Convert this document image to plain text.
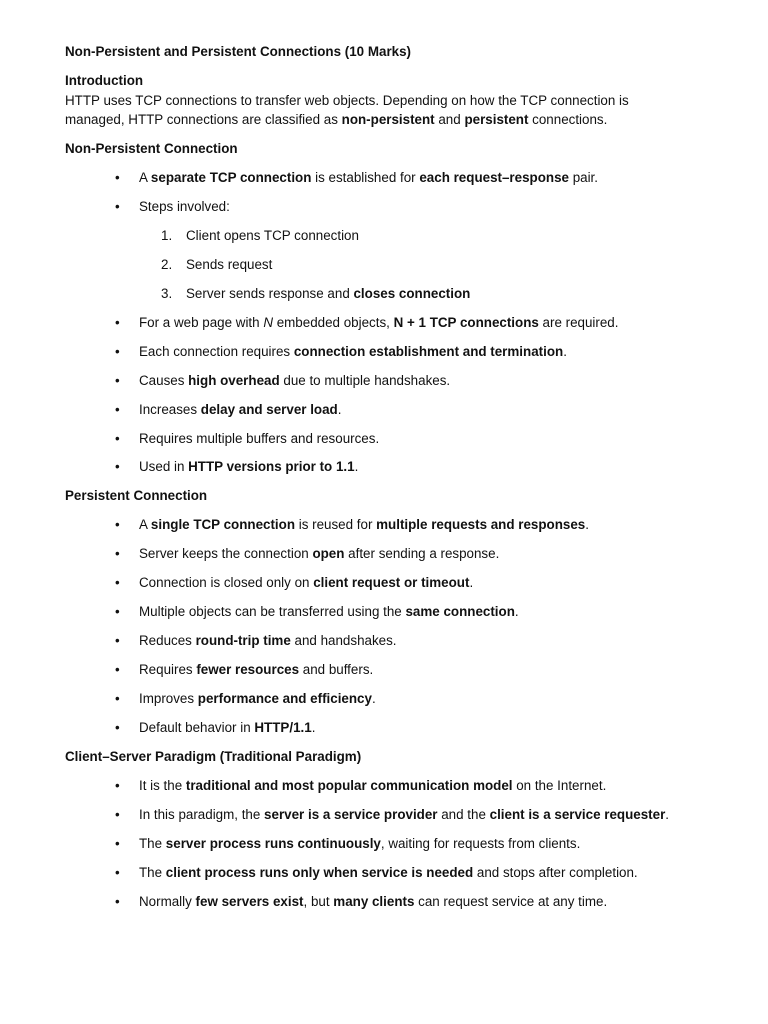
Non-Persistent and Persistent Connections (10 Marks)
Introduction
HTTP uses TCP connections to transfer web objects. Depending on how the TCP connection is
managed, HTTP connections are classified as non-persistent and persistent connections.
Non-Persistent Connection
• A separate TCP connection is established for each request–response pair.
• Steps involved:
1. Client opens TCP connection
2. Sends request
3. Server sends response and closes connection
• For a web page with N embedded objects, N + 1 TCP connections are required.
• Each connection requires connection establishment and termination.
• Causes high overhead due to multiple handshakes.
• Increases delay and server load.
• Requires multiple buffers and resources.
• Used in HTTP versions prior to 1.1.
Persistent Connection
• A single TCP connection is reused for multiple requests and responses.
• Server keeps the connection open after sending a response.
• Connection is closed only on client request or timeout.
• Multiple objects can be transferred using the same connection.
• Reduces round-trip time and handshakes.
• Requires fewer resources and buffers.
• Improves performance and efficiency.
• Default behavior in HTTP/1.1.
Client–Server Paradigm (Traditional Paradigm)
• It is the traditional and most popular communication model on the Internet.
• In this paradigm, the server is a service provider and the client is a service requester.
• The server process runs continuously, waiting for requests from clients.
• The client process runs only when service is needed and stops after completion.
• Normally few servers exist, but many clients can request service at any time.
